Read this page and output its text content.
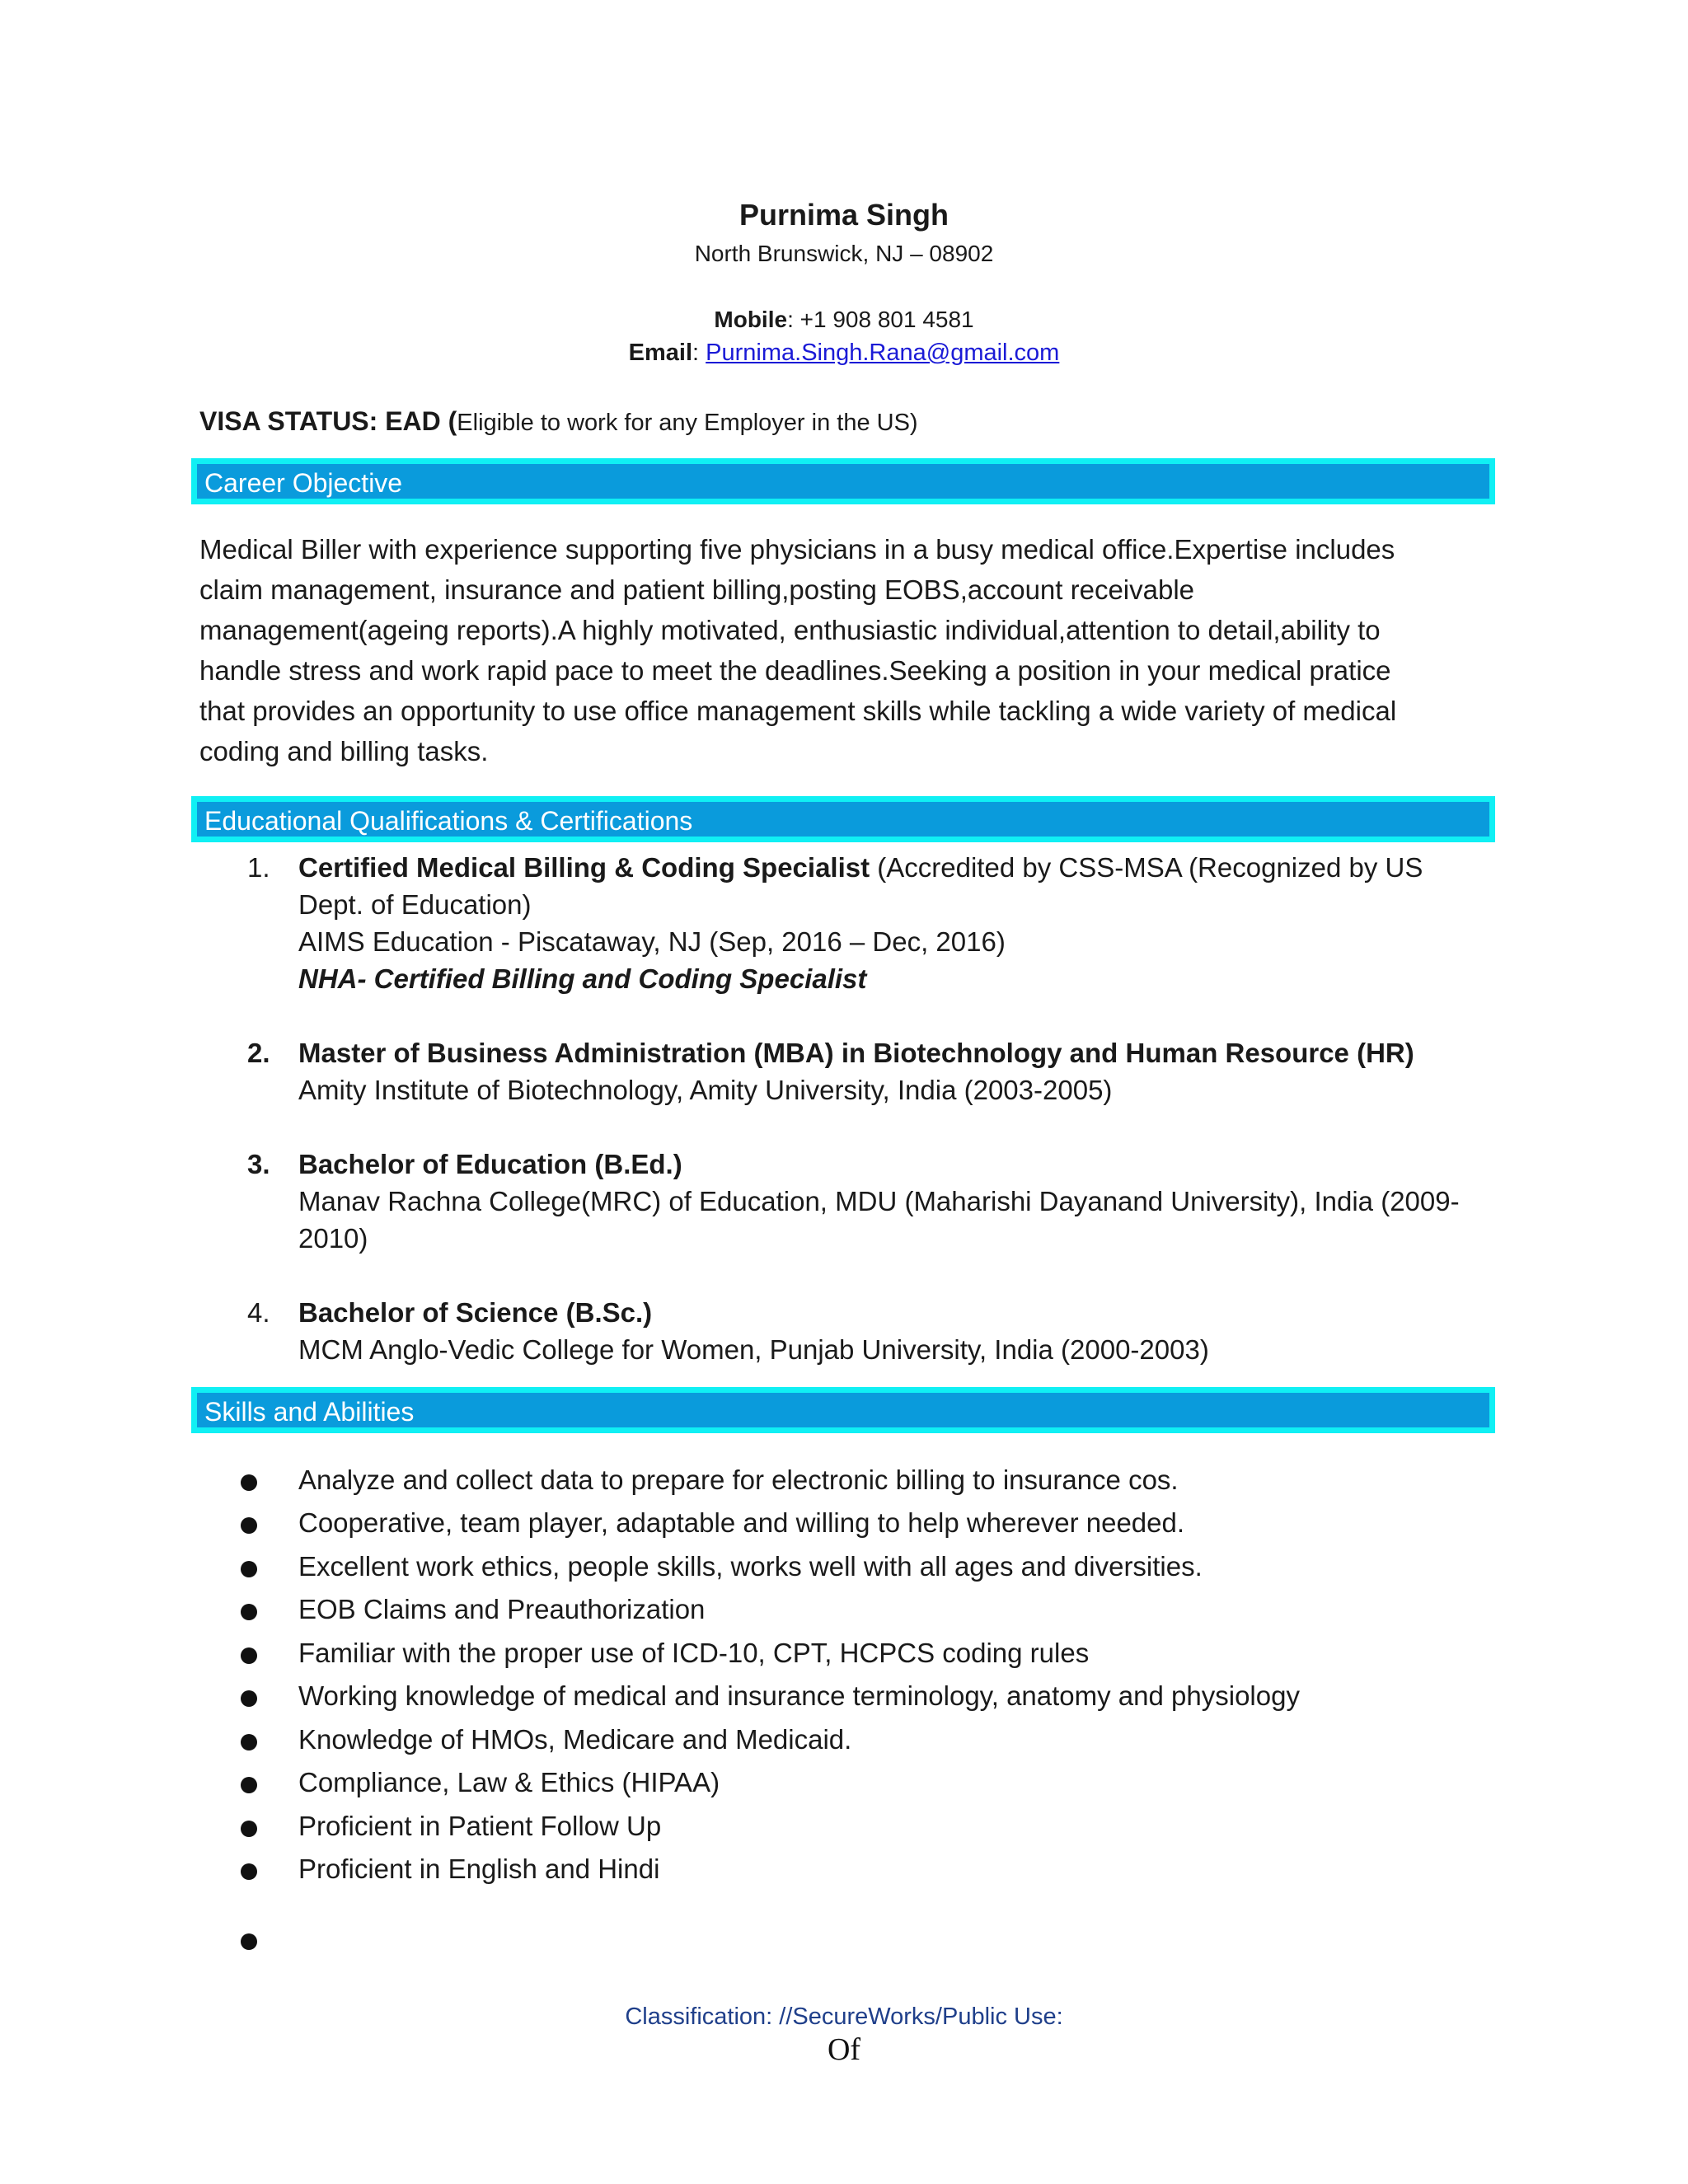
Purnima Singh
North Brunswick, NJ – 08902
Mobile: +1 908 801 4581
Email: Purnima.Singh.Rana@gmail.com
VISA STATUS: EAD (Eligible to work for any Employer in the US)
Career Objective
Medical Biller with experience supporting five physicians in a busy medical office.Expertise includes
claim management, insurance and patient billing,posting EOBS,account receivable
management(ageing reports).A highly motivated, enthusiastic individual,attention to detail,ability to
handle stress and work rapid pace to meet the deadlines.Seeking a position in your medical pratice
that provides an opportunity to use office management skills while tackling a wide variety of medical
coding and billing tasks.
Educational Qualifications & Certifications
1.	Certified Medical Billing & Coding Specialist (Accredited by CSS-MSA (Recognized by US
Dept. of Education)
AIMS Education - Piscataway, NJ (Sep, 2016 – Dec, 2016)
NHA- Certified Billing and Coding Specialist
2.	Master of Business Administration (MBA) in Biotechnology and Human Resource (HR)
Amity Institute of Biotechnology, Amity University, India (2003-2005)
3.	Bachelor of Education (B.Ed.)
Manav Rachna College(MRC) of Education, MDU (Maharishi Dayanand University), India (2009-
2010)
4.	Bachelor of Science (B.Sc.)
MCM Anglo-Vedic College for Women, Punjab University, India (2000-2003)
Skills and Abilities
Analyze and collect data to prepare for electronic billing to insurance cos.
Cooperative, team player, adaptable and willing to help wherever needed.
Excellent work ethics, people skills, works well with all ages and diversities.
EOB Claims and Preauthorization
Familiar with the proper use of ICD-10, CPT, HCPCS coding rules
Working knowledge of medical and insurance terminology, anatomy and physiology
Knowledge of HMOs, Medicare and Medicaid.
Compliance, Law & Ethics (HIPAA)
Proficient in Patient Follow Up
Proficient in English and Hindi
Classification: //SecureWorks/Public Use:
Of
